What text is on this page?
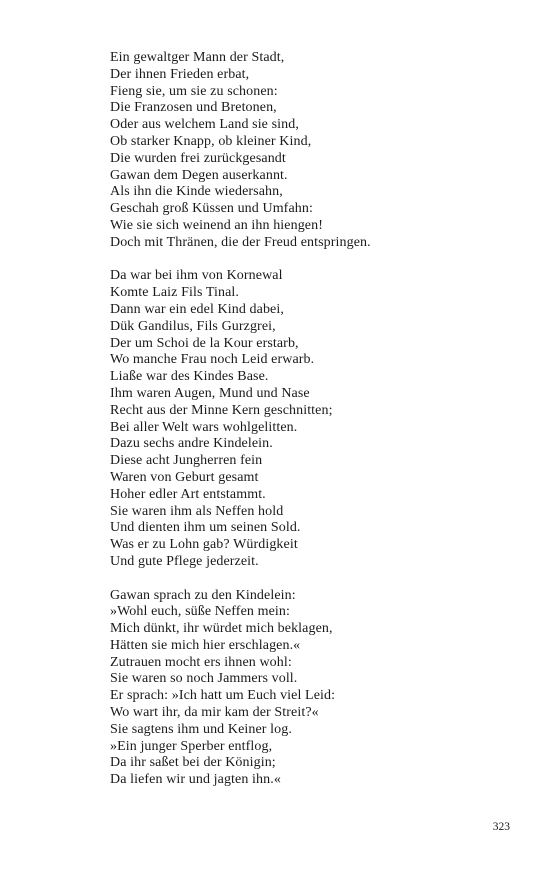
Ein gewaltger Mann der Stadt,
Der ihnen Frieden erbat,
Fieng sie, um sie zu schonen:
Die Franzosen und Bretonen,
Oder aus welchem Land sie sind,
Ob starker Knapp, ob kleiner Kind,
Die wurden frei zurückgesandt
Gawan dem Degen auserkannt.
Als ihn die Kinde wiedersahn,
Geschah groß Küssen und Umfahn:
Wie sie sich weinend an ihn hiengen!
Doch mit Thränen, die der Freud entspringen.
Da war bei ihm von Kornewal
Komte Laiz Fils Tinal.
Dann war ein edel Kind dabei,
Dük Gandilus, Fils Gurzgrei,
Der um Schoi de la Kour erstarb,
Wo manche Frau noch Leid erwarb.
Liaße war des Kindes Base.
Ihm waren Augen, Mund und Nase
Recht aus der Minne Kern geschnitten;
Bei aller Welt wars wohlgelitten.
Dazu sechs andre Kindelein.
Diese acht Jungherren fein
Waren von Geburt gesamt
Hoher edler Art entstammt.
Sie waren ihm als Neffen hold
Und dienten ihm um seinen Sold.
Was er zu Lohn gab? Würdigkeit
Und gute Pflege jederzeit.
Gawan sprach zu den Kindelein:
»Wohl euch, süße Neffen mein:
Mich dünkt, ihr würdet mich beklagen,
Hätten sie mich hier erschlagen.«
Zutrauen mocht ers ihnen wohl:
Sie waren so noch Jammers voll.
Er sprach: »Ich hatt um Euch viel Leid:
Wo wart ihr, da mir kam der Streit?«
Sie sagtens ihm und Keiner log.
»Ein junger Sperber entflog,
Da ihr saßet bei der Königin;
Da liefen wir und jagten ihn.«
323
